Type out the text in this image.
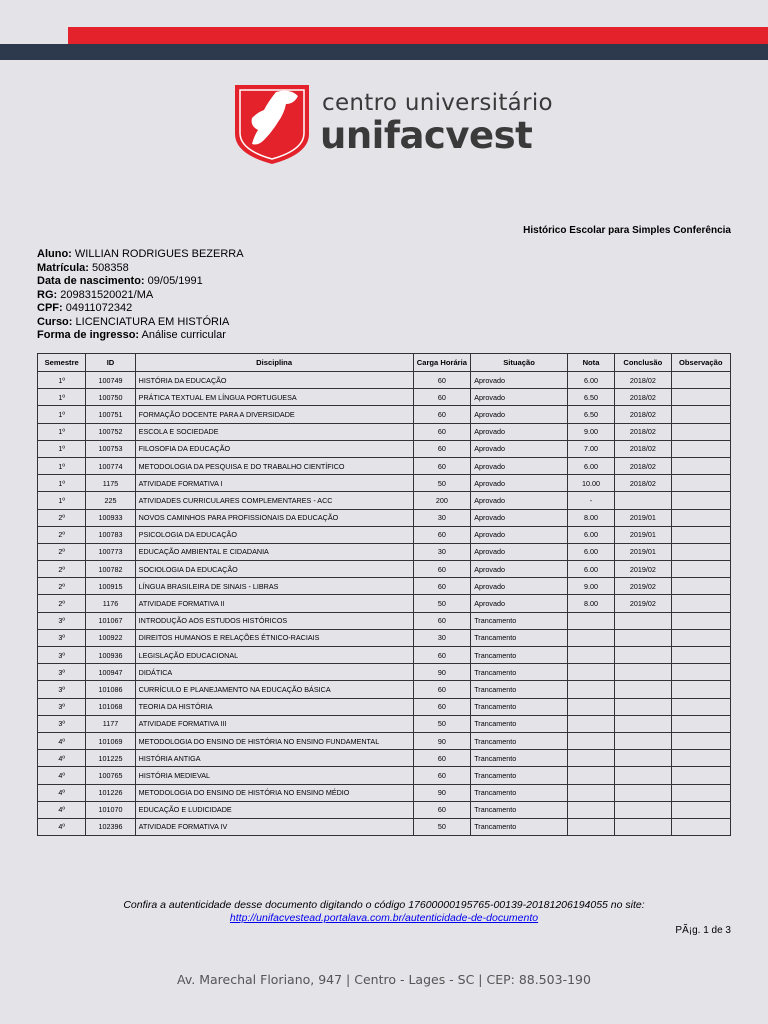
centro universitário
unifacvest
Histórico Escolar para Simples Conferência
Aluno: WILLIAN RODRIGUES BEZERRA
Matrícula: 508358
Data de nascimento: 09/05/1991
RG: 209831520021/MA
CPF: 04911072342
Curso: LICENCIATURA EM HISTÓRIA
Forma de ingresso: Análise curricular
Semestre	ID	Disciplina	Carga Horária	Situação	Nota	Conclusão	Observação
1º	100749	HISTÓRIA DA EDUCAÇÃO	60	Aprovado	6.00	2018/02	
1º	100750	PRÁTICA TEXTUAL EM LÍNGUA PORTUGUESA	60	Aprovado	6.50	2018/02	
1º	100751	FORMAÇÃO DOCENTE PARA A DIVERSIDADE	60	Aprovado	6.50	2018/02	
1º	100752	ESCOLA E SOCIEDADE	60	Aprovado	9.00	2018/02	
1º	100753	FILOSOFIA DA EDUCAÇÃO	60	Aprovado	7.00	2018/02	
1º	100774	METODOLOGIA DA PESQUISA E DO TRABALHO CIENTÍFICO	60	Aprovado	6.00	2018/02	
1º	1175	ATIVIDADE FORMATIVA I	50	Aprovado	10.00	2018/02	
1º	225	ATIVIDADES CURRICULARES COMPLEMENTARES - ACC	200	Aprovado	-		
2º	100933	NOVOS CAMINHOS PARA PROFISSIONAIS DA EDUCAÇÃO	30	Aprovado	8.00	2019/01	
2º	100783	PSICOLOGIA DA EDUCAÇÃO	60	Aprovado	6.00	2019/01	
2º	100773	EDUCAÇÃO AMBIENTAL E CIDADANIA	30	Aprovado	6.00	2019/01	
2º	100782	SOCIOLOGIA DA EDUCAÇÃO	60	Aprovado	6.00	2019/02	
2º	100915	LÍNGUA BRASILEIRA DE SINAIS - LIBRAS	60	Aprovado	9.00	2019/02	
2º	1176	ATIVIDADE FORMATIVA II	50	Aprovado	8.00	2019/02	
3º	101067	INTRODUÇÃO AOS ESTUDOS HISTÓRICOS	60	Trancamento			
3º	100922	DIREITOS HUMANOS E RELAÇÕES ÉTNICO-RACIAIS	30	Trancamento			
3º	100936	LEGISLAÇÃO EDUCACIONAL	60	Trancamento			
3º	100947	DIDÁTICA	90	Trancamento			
3º	101086	CURRÍCULO E PLANEJAMENTO NA EDUCAÇÃO BÁSICA	60	Trancamento			
3º	101068	TEORIA DA HISTÓRIA	60	Trancamento			
3º	1177	ATIVIDADE FORMATIVA III	50	Trancamento			
4º	101069	METODOLOGIA DO ENSINO DE HISTÓRIA NO ENSINO FUNDAMENTAL	90	Trancamento			
4º	101225	HISTÓRIA ANTIGA	60	Trancamento			
4º	100765	HISTÓRIA MEDIEVAL	60	Trancamento			
4º	101226	METODOLOGIA DO ENSINO DE HISTÓRIA NO ENSINO MÉDIO	90	Trancamento			
4º	101070	EDUCAÇÃO E LUDICIDADE	60	Trancamento			
4º	102396	ATIVIDADE FORMATIVA IV	50	Trancamento			
Confira a autenticidade desse documento digitando o código 17600000195765-00139-20181206194055 no site:
http://unifacvestead.portalava.com.br/autenticidade-de-documento
PÃ¡g. 1 de 3
Av. Marechal Floriano, 947 | Centro - Lages - SC | CEP: 88.503-190
